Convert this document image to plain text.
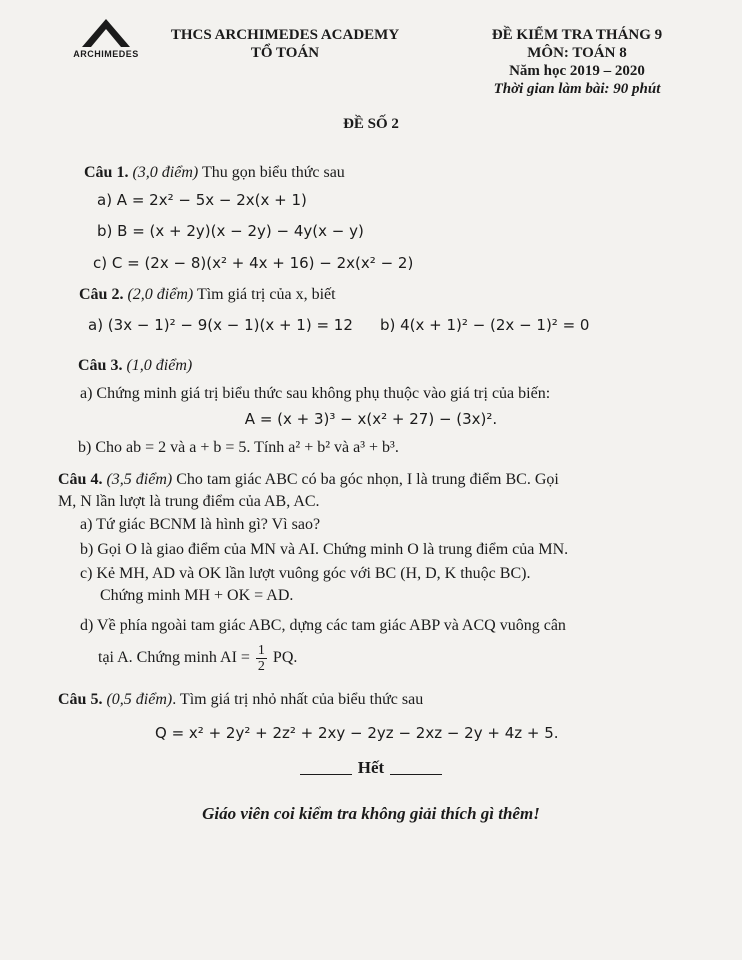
ARCHIMEDES
THCS ARCHIMEDES ACADEMY
TỔ TOÁN
ĐỀ KIỂM TRA THÁNG 9
MÔN: TOÁN 8
Năm học 2019 – 2020
Thời gian làm bài: 90 phút
ĐỀ SỐ 2
Câu 1. (3,0 điểm) Thu gọn biểu thức sau
a) A = 2x² − 5x − 2x(x + 1)
b) B = (x + 2y)(x − 2y) − 4y(x − y)
c) C = (2x − 8)(x² + 4x + 16) − 2x(x² − 2)
Câu 2. (2,0 điểm) Tìm giá trị của x, biết
a) (3x − 1)² − 9(x − 1)(x + 1) = 12 b) 4(x + 1)² − (2x − 1)² = 0
Câu 3. (1,0 điểm)
a) Chứng minh giá trị biểu thức sau không phụ thuộc vào giá trị của biến:
A = (x + 3)³ − x(x² + 27) − (3x)².
b) Cho ab = 2 và a + b = 5. Tính a² + b² và a³ + b³.
Câu 4. (3,5 điểm) Cho tam giác ABC có ba góc nhọn, I là trung điểm BC. Gọi
M, N lần lượt là trung điểm của AB, AC.
a) Tứ giác BCNM là hình gì? Vì sao?
b) Gọi O là giao điểm của MN và AI. Chứng minh O là trung điểm của MN.
c) Kẻ MH, AD và OK lần lượt vuông góc với BC (H, D, K thuộc BC).
Chứng minh MH + OK = AD.
d) Về phía ngoài tam giác ABC, dựng các tam giác ABP và ACQ vuông cân
tại A. Chứng minh AI = $\frac{1}{2}$ PQ.
Câu 5. (0,5 điểm). Tìm giá trị nhỏ nhất của biểu thức sau
Q = x² + 2y² + 2z² + 2xy − 2yz − 2xz − 2y + 4z + 5.
Hết
Giáo viên coi kiểm tra không giải thích gì thêm!
